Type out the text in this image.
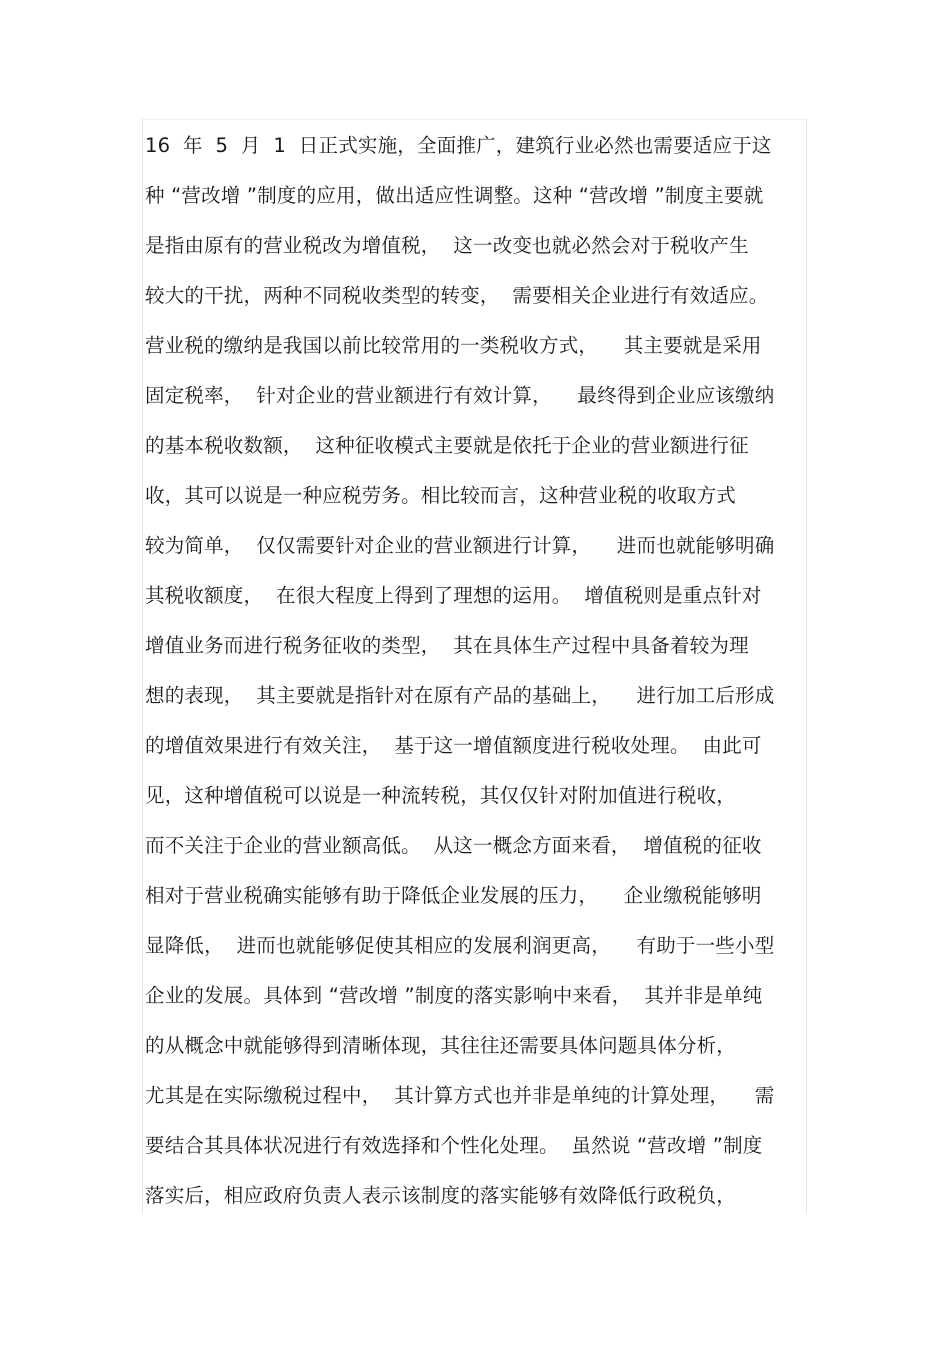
16  年  5  月  1  日正式实施，全面推广，建筑行业必然也需要适应于这
种 “营改增 ”制度的应用，做出适应性调整。这种 “营改增 ”制度主要就
是指由原有的营业税改为增值税，  这一改变也就必然会对于税收产生
较大的干扰，两种不同税收类型的转变，  需要相关企业进行有效适应。
营业税的缴纳是我国以前比较常用的一类税收方式，    其主要就是采用
固定税率，  针对企业的营业额进行有效计算，    最终得到企业应该缴纳
的基本税收数额，  这种征收模式主要就是依托于企业的营业额进行征
收，其可以说是一种应税劳务。相比较而言，这种营业税的收取方式
较为简单，  仅仅需要针对企业的营业额进行计算，    进而也就能够明确
其税收额度，  在很大程度上得到了理想的运用。  增值税则是重点针对
增值业务而进行税务征收的类型，  其在具体生产过程中具备着较为理
想的表现，  其主要就是指针对在原有产品的基础上，    进行加工后形成
的增值效果进行有效关注，  基于这一增值额度进行税收处理。  由此可
见，这种增值税可以说是一种流转税，其仅仅针对附加值进行税收，
而不关注于企业的营业额高低。  从这一概念方面来看，  增值税的征收
相对于营业税确实能够有助于降低企业发展的压力，    企业缴税能够明
显降低，  进而也就能够促使其相应的发展利润更高，    有助于一些小型
企业的发展。具体到 “营改增 ”制度的落实影响中来看，  其并非是单纯
的从概念中就能够得到清晰体现，其往往还需要具体问题具体分析，
尤其是在实际缴税过程中，  其计算方式也并非是单纯的计算处理，    需
要结合其具体状况进行有效选择和个性化处理。  虽然说 “营改增 ”制度
落实后，相应政府负责人表示该制度的落实能够有效降低行政税负，
